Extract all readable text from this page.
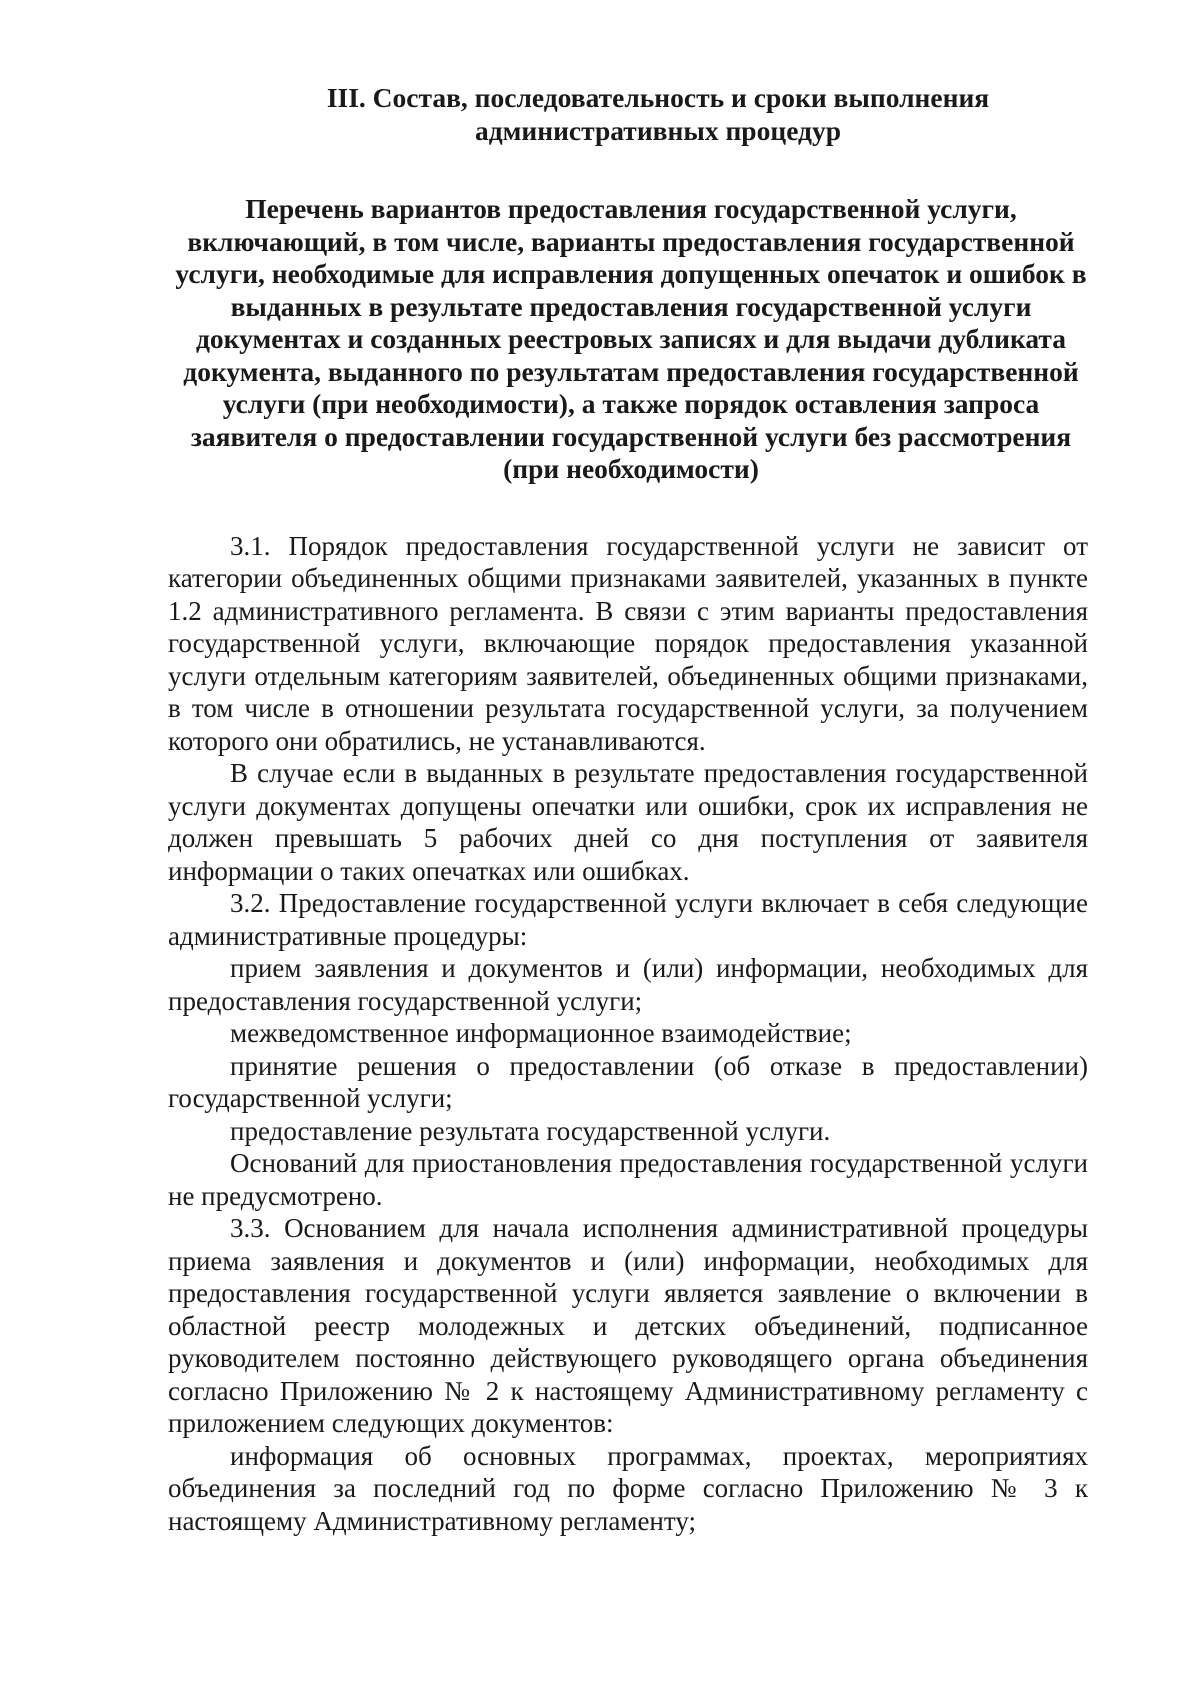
III. Состав, последовательность и сроки выполнения административных процедур
Перечень вариантов предоставления государственной услуги, включающий, в том числе, варианты предоставления государственной услуги, необходимые для исправления допущенных опечаток и ошибок в выданных в результате предоставления государственной услуги документах и созданных реестровых записях и для выдачи дубликата документа, выданного по результатам предоставления государственной услуги (при необходимости), а также порядок оставления запроса заявителя о предоставлении государственной услуги без рассмотрения (при необходимости)

3.1. Порядок предоставления государственной услуги не зависит от категории объединенных общими признаками заявителей, указанных в пункте 1.2 административного регламента. В связи с этим варианты предоставления государственной услуги, включающие порядок предоставления указанной услуги отдельным категориям заявителей, объединенных общими признаками, в том числе в отношении результата государственной услуги, за получением которого они обратились, не устанавливаются.

В случае если в выданных в результате предоставления государственной услуги документах допущены опечатки или ошибки, срок их исправления не должен превышать 5 рабочих дней со дня поступления от заявителя информации о таких опечатках или ошибках.

3.2. Предоставление государственной услуги включает в себя следующие административные процедуры:

прием заявления и документов и (или) информации, необходимых для предоставления государственной услуги;

межведомственное информационное взаимодействие;

принятие решения о предоставлении (об отказе в предоставлении) государственной услуги;

предоставление результата государственной услуги.

Оснований для приостановления предоставления государственной услуги не предусмотрено.

3.3. Основанием для начала исполнения административной процедуры приема заявления и документов и (или) информации, необходимых для предоставления государственной услуги является заявление о включении в областной реестр молодежных и детских объединений, подписанное руководителем постоянно действующего руководящего органа объединения согласно Приложению № 2 к настоящему Административному регламенту с приложением следующих документов:

информация об основных программах, проектах, мероприятиях объединения за последний год по форме согласно Приложению № 3 к настоящему Административному регламенту;
